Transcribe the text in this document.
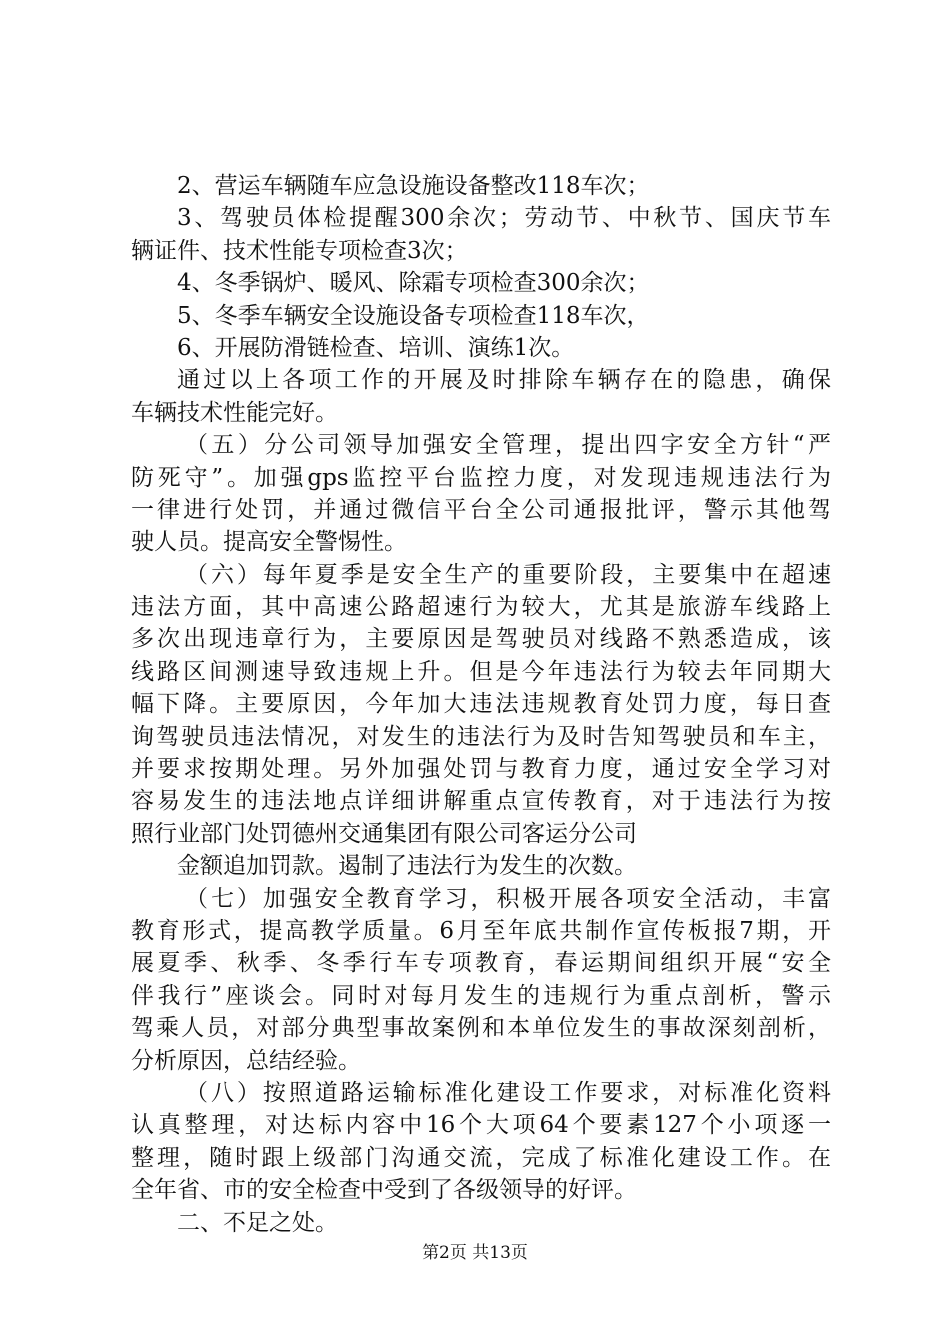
2、营运车辆随车应急设施设备整改118车次；
3、驾驶员体检提醒300余次；劳动节、中秋节、国庆节车
辆证件、技术性能专项检查3次；
4、冬季锅炉、暖风、除霜专项检查300余次；
5、冬季车辆安全设施设备专项检查118车次，
6、开展防滑链检查、培训、演练1次。
通过以上各项工作的开展及时排除车辆存在的隐患，确保
车辆技术性能完好。
（五）分公司领导加强安全管理，提出四字安全方针“严
防死守”。加强gps监控平台监控力度，对发现违规违法行为
一律进行处罚，并通过微信平台全公司通报批评，警示其他驾
驶人员。提高安全警惕性。
（六）每年夏季是安全生产的重要阶段，主要集中在超速
违法方面，其中高速公路超速行为较大，尤其是旅游车线路上
多次出现违章行为，主要原因是驾驶员对线路不熟悉造成，该
线路区间测速导致违规上升。但是今年违法行为较去年同期大
幅下降。主要原因，今年加大违法违规教育处罚力度，每日查
询驾驶员违法情况，对发生的违法行为及时告知驾驶员和车主，
并要求按期处理。另外加强处罚与教育力度，通过安全学习对
容易发生的违法地点详细讲解重点宣传教育，对于违法行为按
照行业部门处罚德州交通集团有限公司客运分公司
金额追加罚款。遏制了违法行为发生的次数。
（七）加强安全教育学习，积极开展各项安全活动，丰富
教育形式，提高教学质量。6月至年底共制作宣传板报7期，开
展夏季、秋季、冬季行车专项教育，春运期间组织开展“安全
伴我行”座谈会。同时对每月发生的违规行为重点剖析，警示
驾乘人员，对部分典型事故案例和本单位发生的事故深刻剖析，
分析原因，总结经验。
（八）按照道路运输标准化建设工作要求，对标准化资料
认真整理，对达标内容中16个大项64个要素127个小项逐一
整理，随时跟上级部门沟通交流，完成了标准化建设工作。在
全年省、市的安全检查中受到了各级领导的好评。
二、不足之处。
第2页 共13页
